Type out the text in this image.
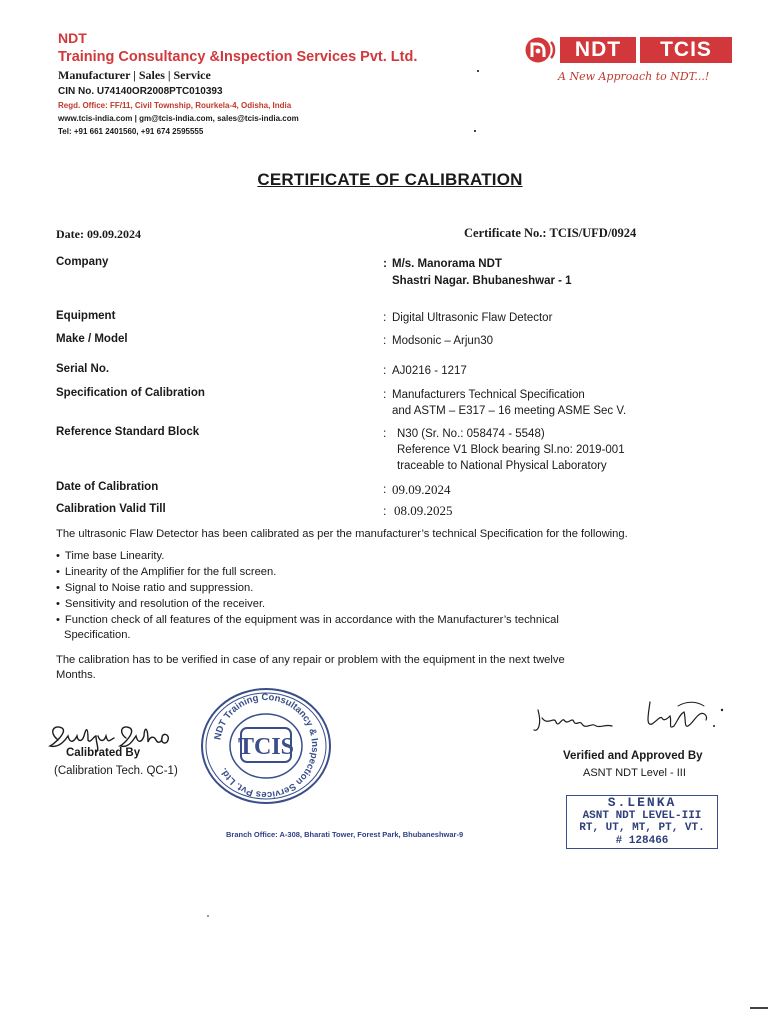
NDT
Training Consultancy &Inspection Services Pvt. Ltd.
Manufacturer | Sales | Service
CIN No. U74140OR2008PTC010393
Regd. Office: FF/11, Civil Township, Rourkela-4, Odisha, India
www.tcis-india.com | gm@tcis-india.com, sales@tcis-india.com
Tel: +91 661 2401560, +91 674 2595555
NDT	TCIS
A New Approach to NDT...!
CERTIFICATE OF CALIBRATION
Date: 09.09.2024	Certificate No.: TCIS/UFD/0924
Company	: M/s. Manorama NDT
Shastri Nagar. Bhubaneshwar - 1
Equipment	: Digital Ultrasonic Flaw Detector
Make / Model	: Modsonic – Arjun30
Serial No.	: AJ0216 - 1217
Specification of Calibration	: Manufacturers Technical Specification
and ASTM – E317 – 16 meeting ASME Sec V.
Reference Standard Block	: N30 (Sr. No.: 058474 - 5548)
Reference V1 Block bearing Sl.no: 2019-001
traceable to National Physical Laboratory
Date of Calibration	: 09.09.2024
Calibration Valid Till	: 08.09.2025
The ultrasonic Flaw Detector has been calibrated as per the manufacturer’s technical Specification for the following.
• Time base Linearity.
• Linearity of the Amplifier for the full screen.
• Signal to Noise ratio and suppression.
• Sensitivity and resolution of the receiver.
• Function check of all features of the equipment was in accordance with the Manufacturer’s technical
Specification.
The calibration has to be verified in case of any repair or problem with the equipment in the next twelve
Months.
Calibrated By
(Calibration Tech. QC-1)
NDT Training Consultancy & Inspection Services Pvt. Ltd.
TCIS	Verified and Approved By
ASNT NDT Level - III
S.LENKA
ASNT NDT LEVEL-III
RT, UT, MT, PT, VT.
# 128466
Branch Office: A-308, Bharati Tower, Forest Park, Bhubaneshwar-9
